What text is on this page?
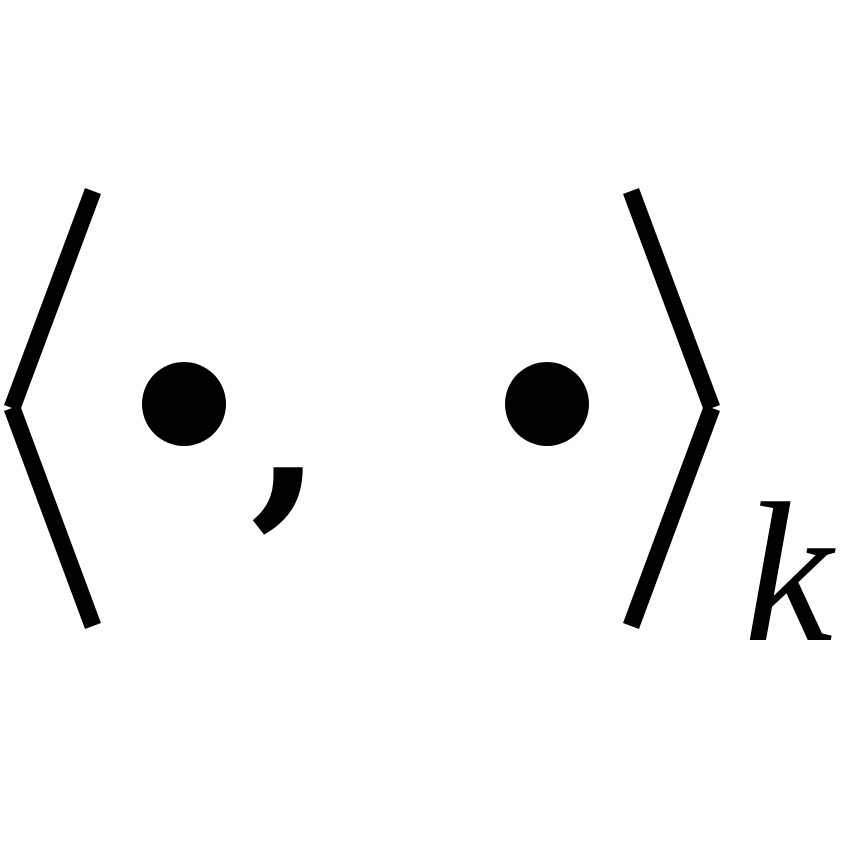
,
k
